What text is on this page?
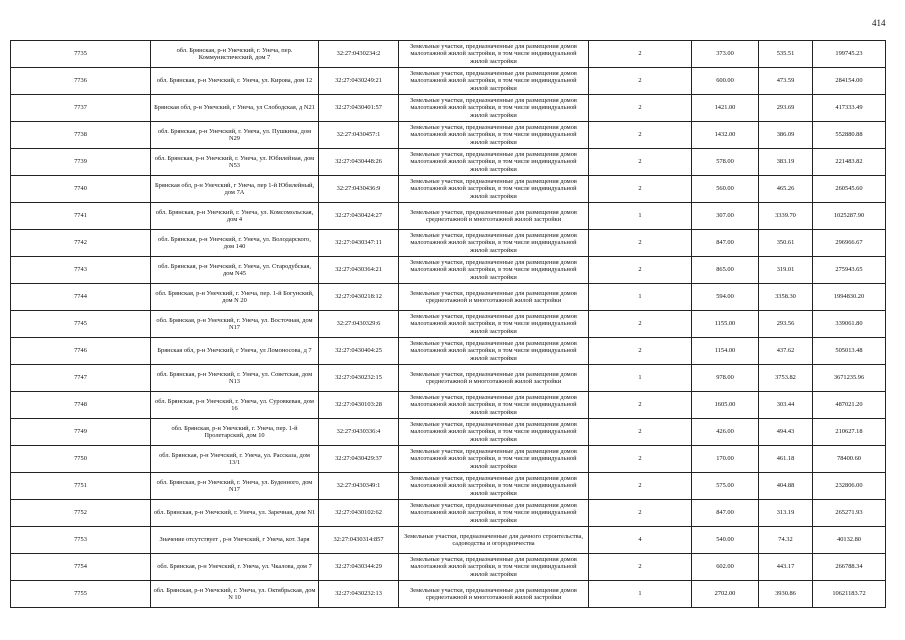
414
7735	обл. Брянская, р-н Унечский, г. Унеча, пер. Коммунистический, дом 7	32:27:0430234:2	Земельные участки, предназначенные для размещения домов малоэтажной жилой застройки, в том числе индивидуальной жилой застройки	2	373.00	535.51	199745.23
7736	обл. Брянская, р-н Унечский, г. Унеча, ул. Кирова, дом 12	32:27:0430249:21	Земельные участки, предназначенные для размещения домов малоэтажной жилой застройки, в том числе индивидуальной жилой застройки	2	600.00	473.59	284154.00
7737	Брянская обл, р-н Унечский, г Унеча, ул Слободская, д N21	32:27:0430401:57	Земельные участки, предназначенные для размещения домов малоэтажной жилой застройки, в том числе индивидуальной жилой застройки	2	1421.00	293.69	417333.49
7738	обл. Брянская, р-н Унечский, г. Унеча, ул. Пушкина, дом N29	32:27:0430457:1	Земельные участки, предназначенные для размещения домов малоэтажной жилой застройки, в том числе индивидуальной жилой застройки	2	1432.00	386.09	552880.88
7739	обл. Брянская, р-н Унечский, г. Унеча, ул. Юбилейная, дом N53	32:27:0430448:26	Земельные участки, предназначенные для размещения домов малоэтажной жилой застройки, в том числе индивидуальной жилой застройки	2	578.00	383.19	221483.82
7740	Брянская обл, р-н Унечский, г Унеча, пер 1-й Юбилейный, дом 7А	32:27:0430436:9	Земельные участки, предназначенные для размещения домов малоэтажной жилой застройки, в том числе индивидуальной жилой застройки	2	560.00	465.26	260545.60
7741	обл. Брянская, р-н Унечский, г. Унеча, ул. Комсомольская, дом 4	32:27:0430424:27	Земельные участки, предназначенные для размещения домов среднеэтажной и многоэтажной жилой застройки	1	307.00	3339.70	1025287.90
7742	обл. Брянская, р-н Унечский, г. Унеча, ул. Володарского, дом 140	32:27:0430347:11	Земельные участки, предназначенные для размещения домов малоэтажной жилой застройки, в том числе индивидуальной жилой застройки	2	847.00	350.61	296966.67
7743	обл. Брянская, р-н Унечский, г. Унеча, ул. Стародубская, дом N45	32:27:0430364:21	Земельные участки, предназначенные для размещения домов малоэтажной жилой застройки, в том числе индивидуальной жилой застройки	2	865.00	319.01	275943.65
7744	обл. Брянская, р-н Унечский, г. Унеча, пер. 1-й Богунский, дом N 20	32:27:0430218:12	Земельные участки, предназначенные для размещения домов среднеэтажной и многоэтажной жилой застройки	1	594.00	3358.30	1994830.20
7745	обл. Брянская, р-н Унечский, г. Унеча, ул. Восточная, дом N17	32:27:0430329:6	Земельные участки, предназначенные для размещения домов малоэтажной жилой застройки, в том числе индивидуальной жилой застройки	2	1155.00	293.56	339061.80
7746	Брянская обл, р-н Унечский, г Унеча, ул Ломоносова, д 7	32:27:0430404:25	Земельные участки, предназначенные для размещения домов малоэтажной жилой застройки, в том числе индивидуальной жилой застройки	2	1154.00	437.62	505013.48
7747	обл. Брянская, р-н Унечский, г. Унеча, ул. Советская, дом N13	32:27:0430232:15	Земельные участки, предназначенные для размещения домов среднеэтажной и многоэтажной жилой застройки	1	978.00	3753.82	3671235.96
7748	обл. Брянская, р-н Унечский, г. Унеча, ул. Суровкевая, дом 16	32:27:0430103:28	Земельные участки, предназначенные для размещения домов малоэтажной жилой застройки, в том числе индивидуальной жилой застройки	2	1605.00	303.44	487021.20
7749	обл. Брянская, р-н Унечский, г. Унеча, пер. 1-й Пролетарский, дом 10	32:27:0430336:4	Земельные участки, предназначенные для размещения домов малоэтажной жилой застройки, в том числе индивидуальной жилой застройки	2	426.00	494.43	210627.18
7750	обл. Брянская, р-н Унечский, г. Унеча, ул. Рассказа, дом 13/1	32:27:0430429:37	Земельные участки, предназначенные для размещения домов малоэтажной жилой застройки, в том числе индивидуальной жилой застройки	2	170.00	461.18	78400.60
7751	обл. Брянская, р-н Унечский, г. Унеча, ул. Буденного, дом N17	32:27:0430349:1	Земельные участки, предназначенные для размещения домов малоэтажной жилой застройки, в том числе индивидуальной жилой застройки	2	575.00	404.88	232806.00
7752	обл. Брянская, р-н Унечский, г. Унеча, ул. Заречная, дом N1	32:27:0430102:62	Земельные участки, предназначенные для размещения домов малоэтажной жилой застройки, в том числе индивидуальной жилой застройки	2	847.00	313.19	265271.93
7753	Значение отсутствует , р-н Унечский, г Унеча, кот. Заря	32:27:0430314:857	Земельные участки, предназначенные для дачного строительства, садоводства и огородничества	4	540.00	74.32	40132.80
7754	обл. Брянская, р-н Унечский, г. Унеча, ул. Чкалова, дом 7	32:27:0430344:29	Земельные участки, предназначенные для размещения домов малоэтажной жилой застройки, в том числе индивидуальной жилой застройки	2	602.00	443.17	266788.34
7755	обл. Брянская, р-н Унечский, г. Унеча, ул. Октябрьская, дом N 10	32:27:0430232:13	Земельные участки, предназначенные для размещения домов среднеэтажной и многоэтажной жилой застройки	1	2702.00	3930.86	10621183.72
